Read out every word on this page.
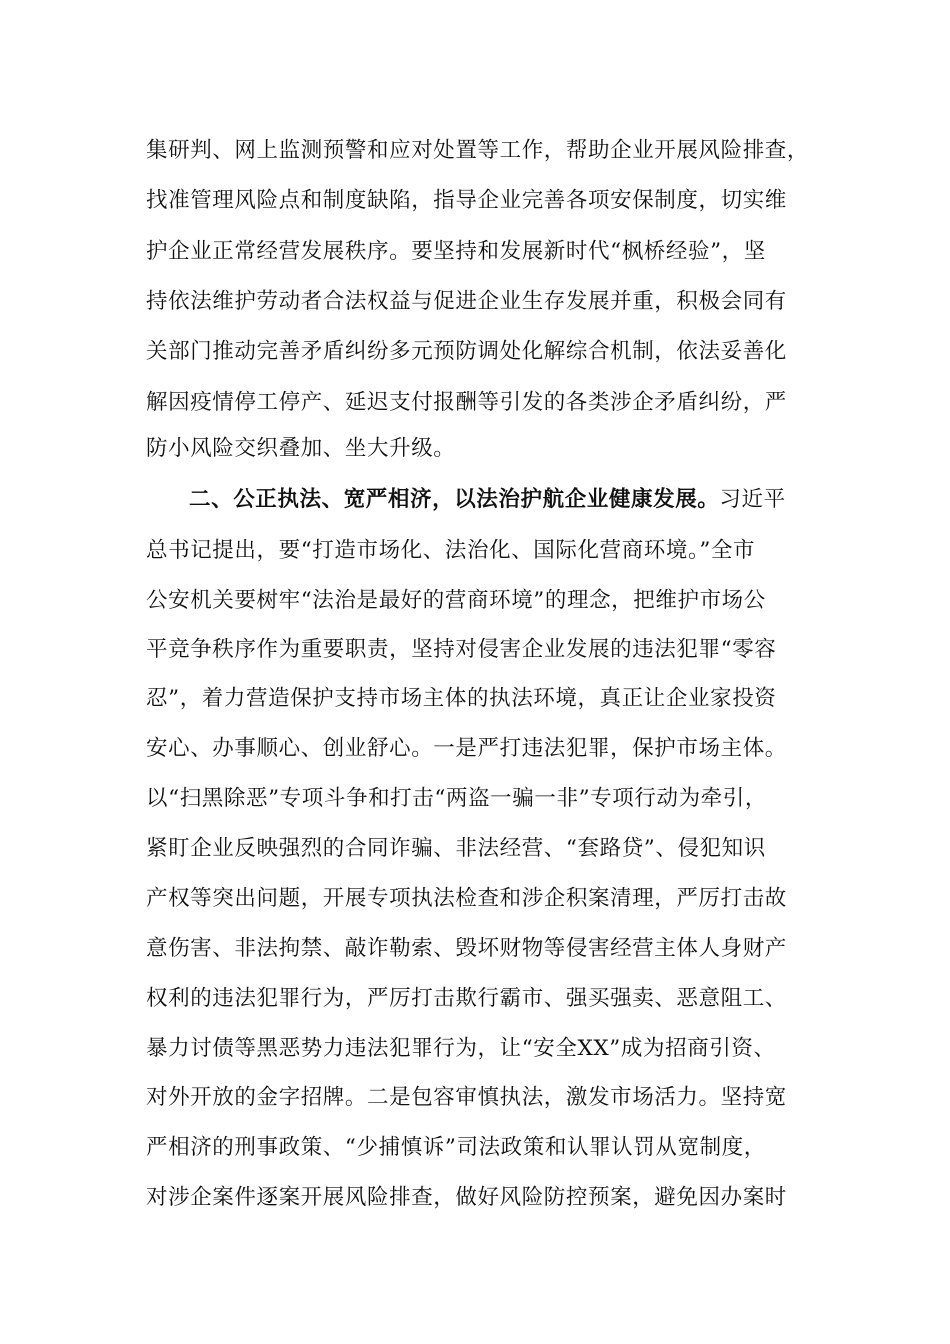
集研判、网上监测预警和应对处置等工作，帮助企业开展风险排查，
找准管理风险点和制度缺陷，指导企业完善各项安保制度，切实维
护企业正常经营发展秩序。要坚持和发展新时代“枫桥经验”，坚
持依法维护劳动者合法权益与促进企业生存发展并重，积极会同有
关部门推动完善矛盾纠纷多元预防调处化解综合机制，依法妥善化
解因疫情停工停产、延迟支付报酬等引发的各类涉企矛盾纠纷，严
防小风险交织叠加、坐大升级。
二、公正执法、宽严相济，以法治护航企业健康发展。习近平
总书记提出，要“打造市场化、法治化、国际化营商环境。”全市
公安机关要树牢“法治是最好的营商环境”的理念，把维护市场公
平竞争秩序作为重要职责，坚持对侵害企业发展的违法犯罪“零容
忍”，着力营造保护支持市场主体的执法环境，真正让企业家投资
安心、办事顺心、创业舒心。一是严打违法犯罪，保护市场主体。
以“扫黑除恶”专项斗争和打击“两盗一骗一非”专项行动为牵引，
紧盯企业反映强烈的合同诈骗、非法经营、“套路贷”、侵犯知识
产权等突出问题，开展专项执法检查和涉企积案清理，严厉打击故
意伤害、非法拘禁、敲诈勒索、毁坏财物等侵害经营主体人身财产
权利的违法犯罪行为，严厉打击欺行霸市、强买强卖、恶意阻工、
暴力讨债等黑恶势力违法犯罪行为，让“安全XX”成为招商引资、
对外开放的金字招牌。二是包容审慎执法，激发市场活力。坚持宽
严相济的刑事政策、“少捕慎诉”司法政策和认罪认罚从宽制度，
对涉企案件逐案开展风险排查，做好风险防控预案，避免因办案时
